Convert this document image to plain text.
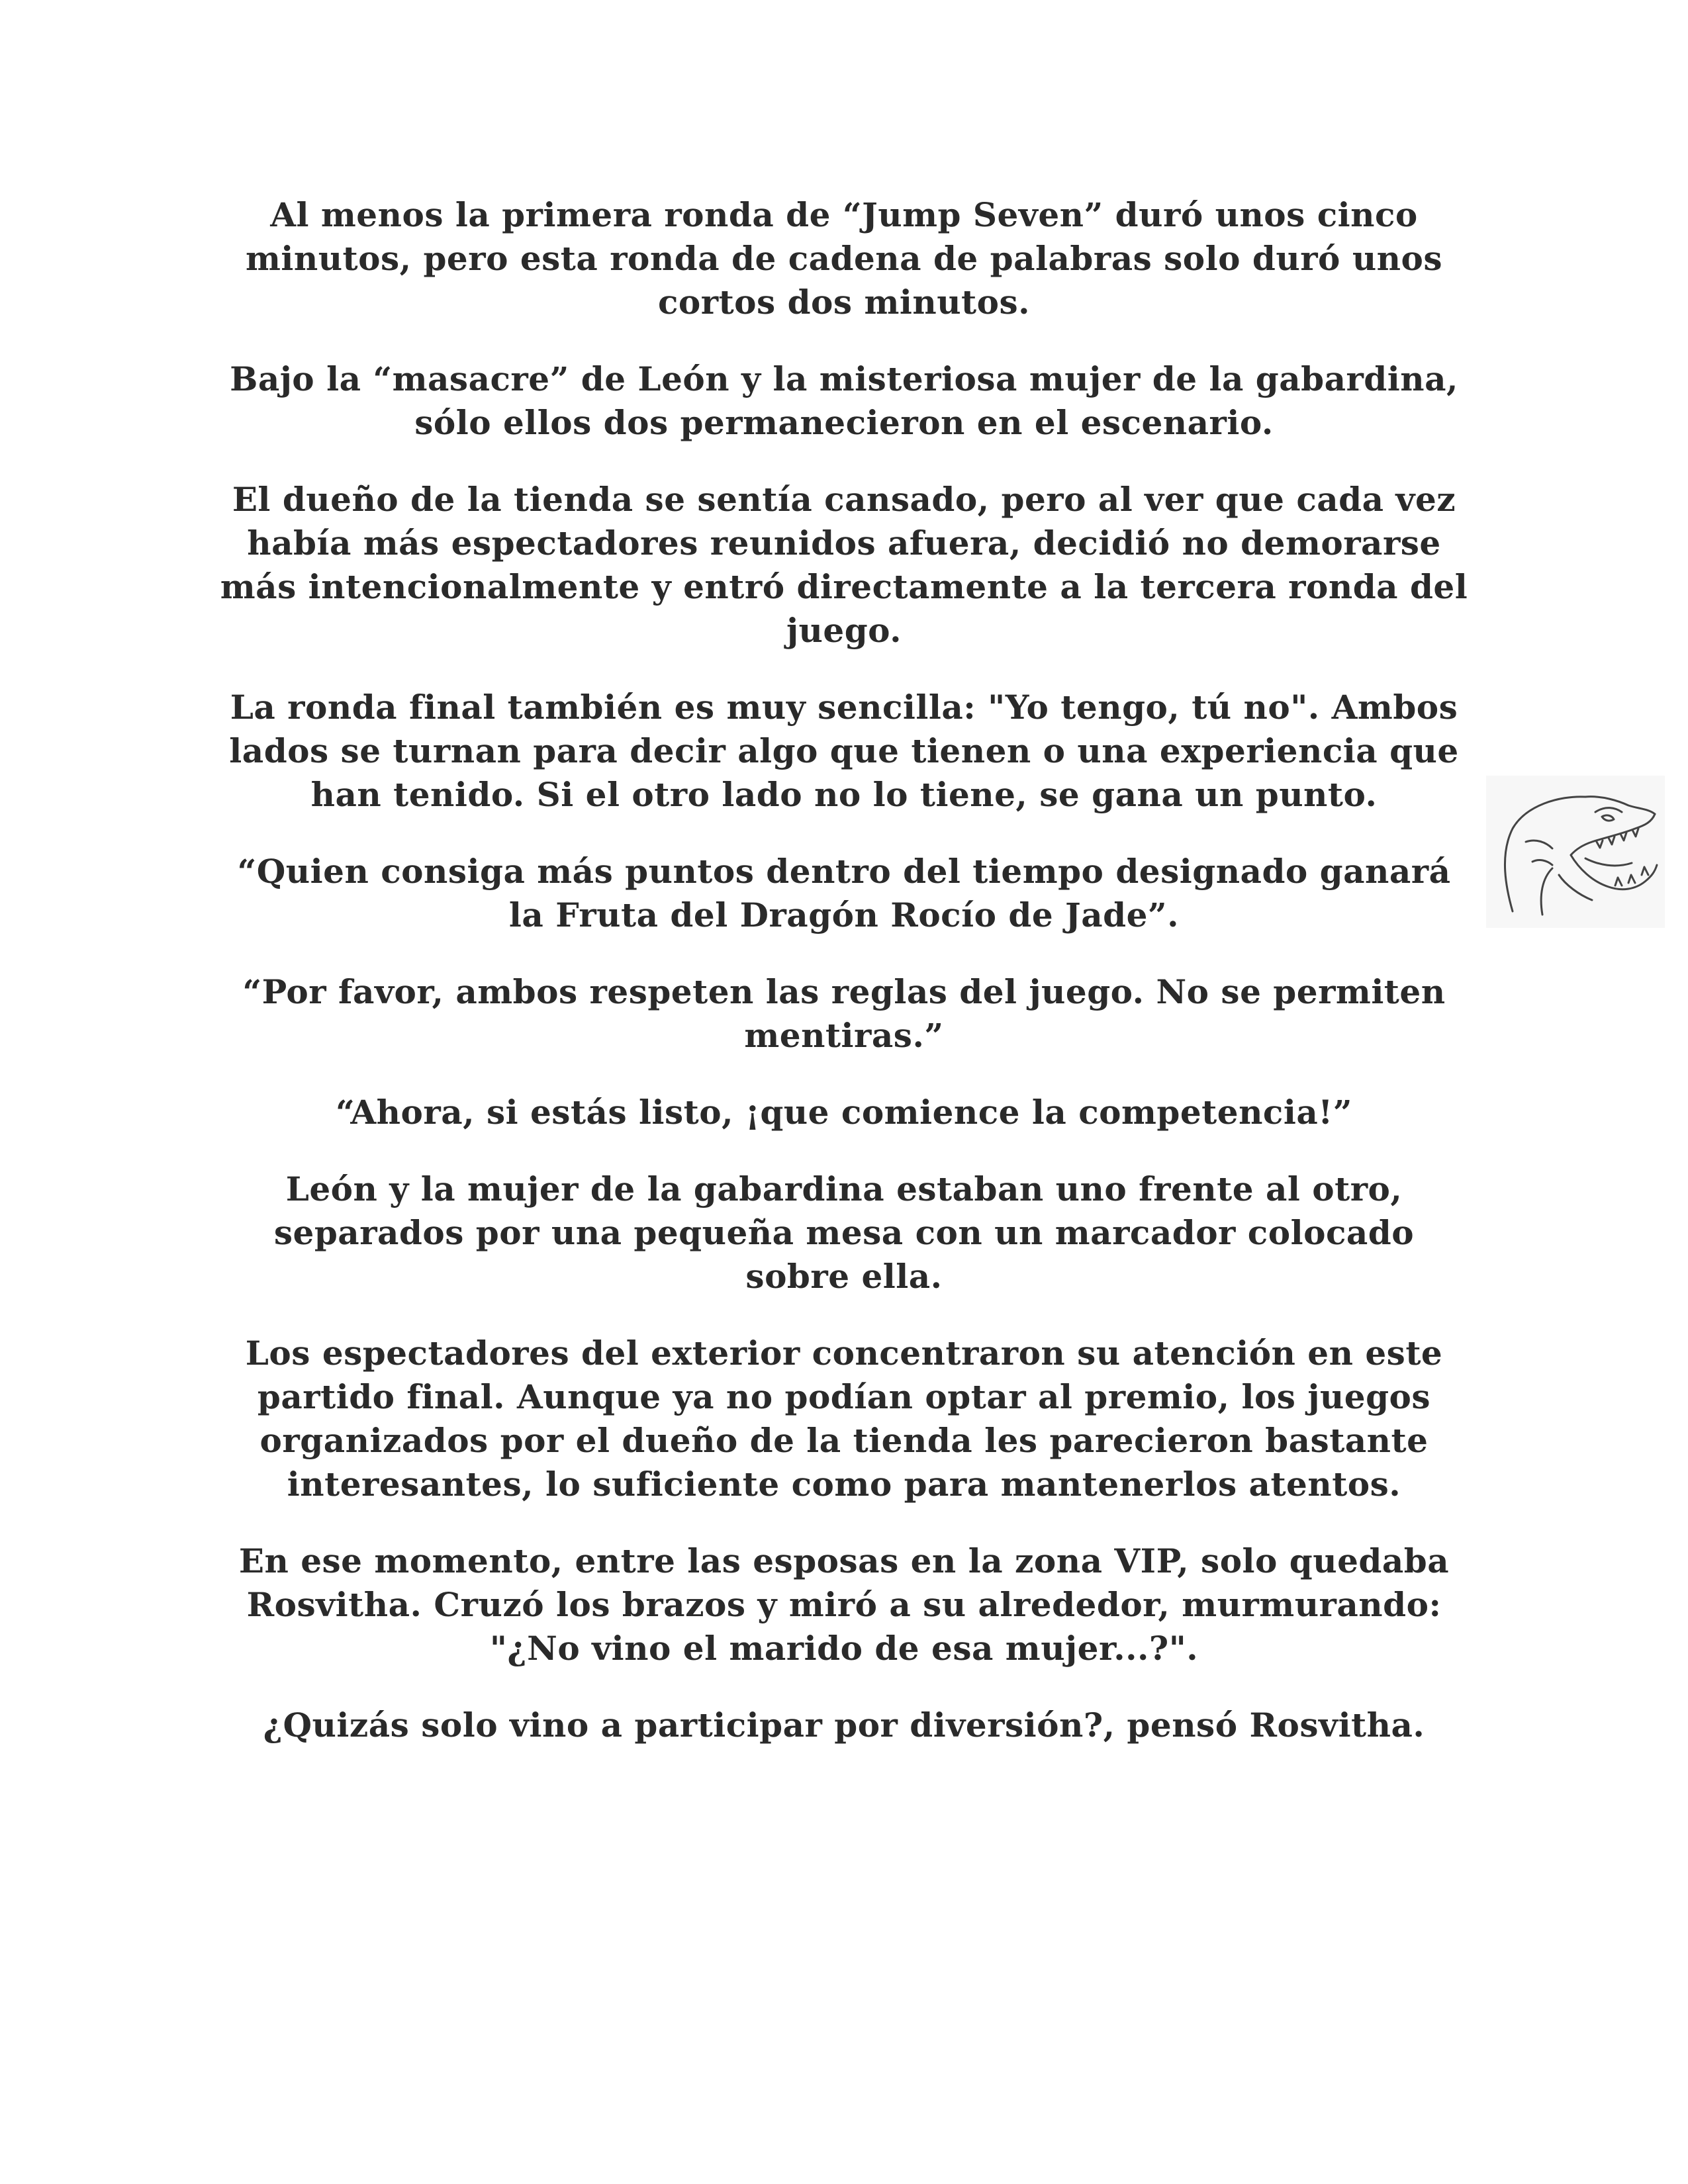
Al menos la primera ronda de “Jump Seven” duró unos cinco minutos, pero esta ronda de cadena de palabras solo duró unos cortos dos minutos.

Bajo la “masacre” de León y la misteriosa mujer de la gabardina, sólo ellos dos permanecieron en el escenario.

El dueño de la tienda se sentía cansado, pero al ver que cada vez había más espectadores reunidos afuera, decidió no demorarse más intencionalmente y entró directamente a la tercera ronda del juego.

La ronda final también es muy sencilla: "Yo tengo, tú no". Ambos lados se turnan para decir algo que tienen o una experiencia que han tenido. Si el otro lado no lo tiene, se gana un punto.

“Quien consiga más puntos dentro del tiempo designado ganará la Fruta del Dragón Rocío de Jade”.

“Por favor, ambos respeten las reglas del juego. No se permiten mentiras.”

“Ahora, si estás listo, ¡que comience la competencia!”

León y la mujer de la gabardina estaban uno frente al otro, separados por una pequeña mesa con un marcador colocado sobre ella.

Los espectadores del exterior concentraron su atención en este partido final. Aunque ya no podían optar al premio, los juegos organizados por el dueño de la tienda les parecieron bastante interesantes, lo suficiente como para mantenerlos atentos.

En ese momento, entre las esposas en la zona VIP, solo quedaba Rosvitha. Cruzó los brazos y miró a su alrededor, murmurando: "¿No vino el marido de esa mujer...?".

¿Quizás solo vino a participar por diversión?, pensó Rosvitha.
